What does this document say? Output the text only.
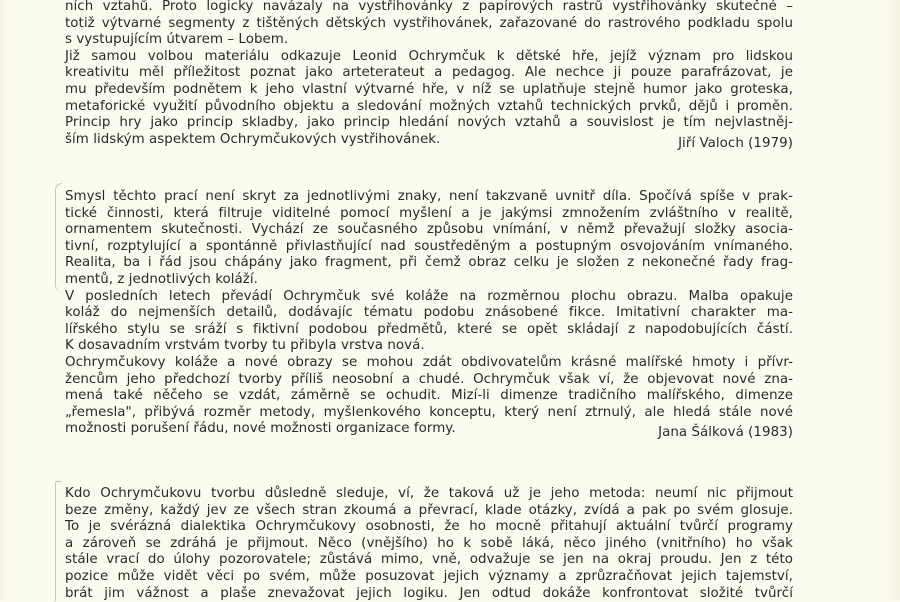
ních vztahů. Proto logicky navázaly na vystřihovánky z papírových rastrů vystřihovánky skutečné –
totiž výtvarné segmenty z tištěných dětských vystřihovánek, zařazované do rastrového podkladu spolu
s vystupujícím útvarem – Lobem.
Již samou volbou materiálu odkazuje Leonid Ochrymčuk k dětské hře, jejíž význam pro lidskou
kreativitu měl příležitost poznat jako arteterateut a pedagog. Ale nechce ji pouze parafrázovat, je
mu především podnětem k jeho vlastní výtvarné hře, v níž se uplatňuje stejně humor jako groteska,
metaforické využití původního objektu a sledování možných vztahů technických prvků, dějů i proměn.
Princip hry jako princip skladby, jako princip hledání nových vztahů a souvislost je tím nejvlastněj-
ším lidským aspektem Ochrymčukových vystřihovánek.	Jiří Valoch (1979)
Smysl těchto prací není skryt za jednotlivými znaky, není takzvaně uvnitř díla. Spočívá spíše v prak-
tické činnosti, která filtruje viditelné pomocí myšlení a je jakýmsi zmnožením zvláštního v realitě,
ornamentem skutečnosti. Vychází ze současného způsobu vnímání, v němž převažují složky asocia-
tivní, rozptylující a spontánně přivlastňující nad soustředěným a postupným osvojováním vnímaného.
Realita, ba i řád jsou chápány jako fragment, při čemž obraz celku je složen z nekonečné řady frag-
mentů, z jednotlivých koláží.
V posledních letech převádí Ochrymčuk své koláže na rozměrnou plochu obrazu. Malba opakuje
koláž do nejmenších detailů, dodávajíc tématu podobu znásobené fikce. Imitativní charakter ma-
lířského stylu se sráží s fiktivní podobou předmětů, které se opět skládají z napodobujících částí.
K dosavadním vrstvám tvorby tu přibyla vrstva nová.
Ochrymčukovy koláže a nové obrazy se mohou zdát obdivovatelům krásné malířské hmoty i přívr-
žencům jeho předchozí tvorby příliš neosobní a chudé. Ochrymčuk však ví, že objevovat nové zna-
mená také něčeho se vzdát, záměrně se ochudit. Mizí-li dimenze tradičního malířského, dimenze
„řemesla", přibývá rozměr metody, myšlenkového konceptu, který není ztrnulý, ale hledá stále nové
možnosti porušení řádu, nové možnosti organizace formy.	Jana Šálková (1983)
Kdo Ochrymčukovu tvorbu důsledně sleduje, ví, že taková už je jeho metoda: neumí nic přijmout
beze změny, každý jev ze všech stran zkoumá a převrací, klade otázky, zvídá a pak po svém glosuje.
To je svérázná dialektika Ochrymčukovy osobnosti, že ho mocně přitahují aktuální tvůrčí programy
a zároveň se zdráhá je přijmout. Něco (vnějšího) ho k sobě láká, něco jiného (vnitřního) ho však
stále vrací do úlohy pozorovatele; zůstává mimo, vně, odvažuje se jen na okraj proudu. Jen z této
pozice může vidět věci po svém, může posuzovat jejich významy a zprůzračňovat jejich tajemství,
brát jim vážnost a plaše znevažovat jejich logiku. Jen odtud dokáže konfrontovat složité tvůrčí
